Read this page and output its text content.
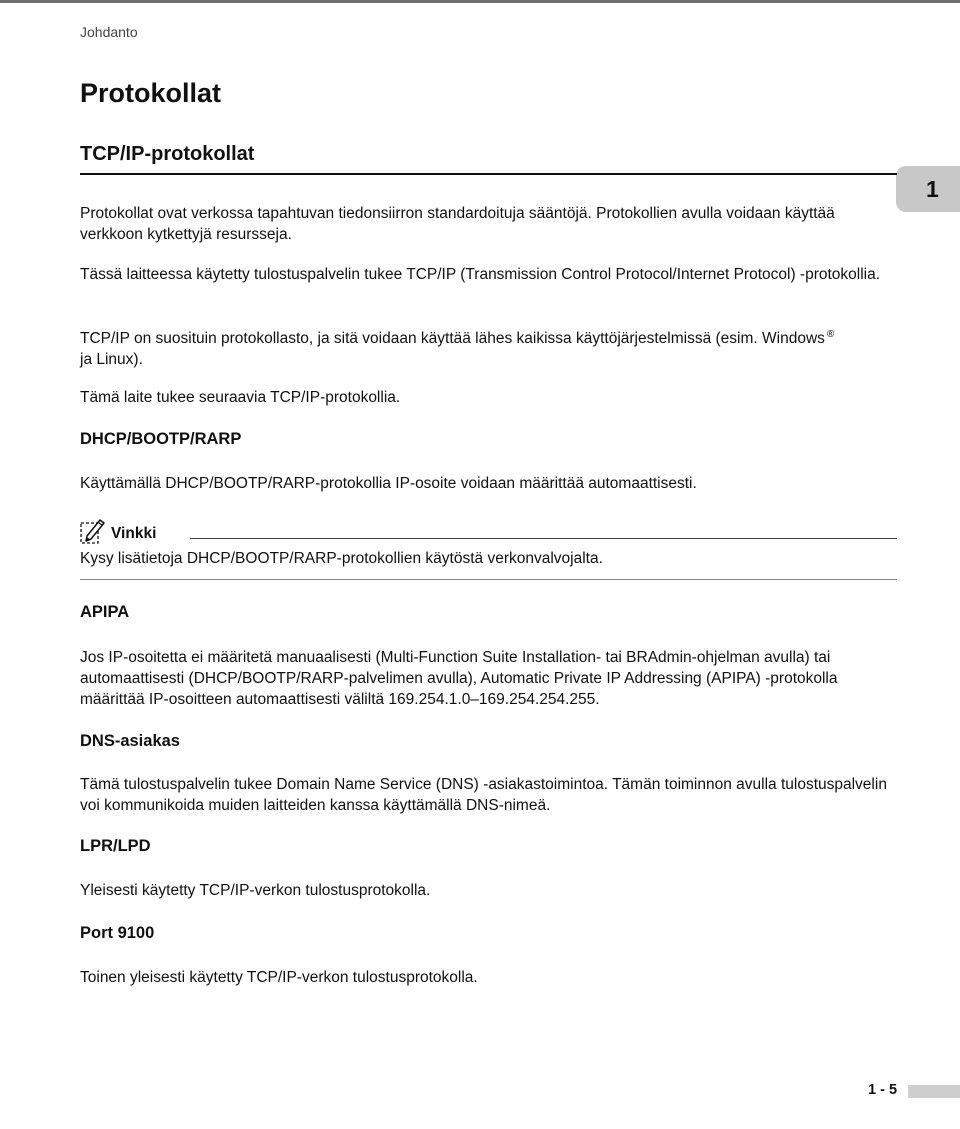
Johdanto
1
Protokollat
TCP/IP-protokollat

Protokollat ovat verkossa tapahtuvan tiedonsiirron standardoituja sääntöjä. Protokollien avulla voidaan käyttää verkkoon kytkettyjä resursseja.

Tässä laitteessa käytetty tulostuspalvelin tukee TCP/IP (Transmission Control Protocol/Internet Protocol) -protokollia.

TCP/IP on suosituin protokollasto, ja sitä voidaan käyttää lähes kaikissa käyttöjärjestelmissä (esim. Windows ® ja Linux).

Tämä laite tukee seuraavia TCP/IP-protokollia.

DHCP/BOOTP/RARP

Käyttämällä DHCP/BOOTP/RARP-protokollia IP-osoite voidaan määrittää automaattisesti.

Vinkki

Kysy lisätietoja DHCP/BOOTP/RARP-protokollien käytöstä verkonvalvojalta.

APIPA

Jos IP-osoitetta ei määritetä manuaalisesti (Multi-Function Suite Installation- tai BRAdmin-ohjelman avulla) tai automaattisesti (DHCP/BOOTP/RARP-palvelimen avulla), Automatic Private IP Addressing (APIPA) -protokolla määrittää IP-osoitteen automaattisesti väliltä 169.254.1.0–169.254.254.255.

DNS-asiakas

Tämä tulostuspalvelin tukee Domain Name Service (DNS) -asiakastoimintoa. Tämän toiminnon avulla tulostuspalvelin voi kommunikoida muiden laitteiden kanssa käyttämällä DNS-nimeä.

LPR/LPD

Yleisesti käytetty TCP/IP-verkon tulostusprotokolla.

Port 9100

Toinen yleisesti käytetty TCP/IP-verkon tulostusprotokolla.

1 - 5
